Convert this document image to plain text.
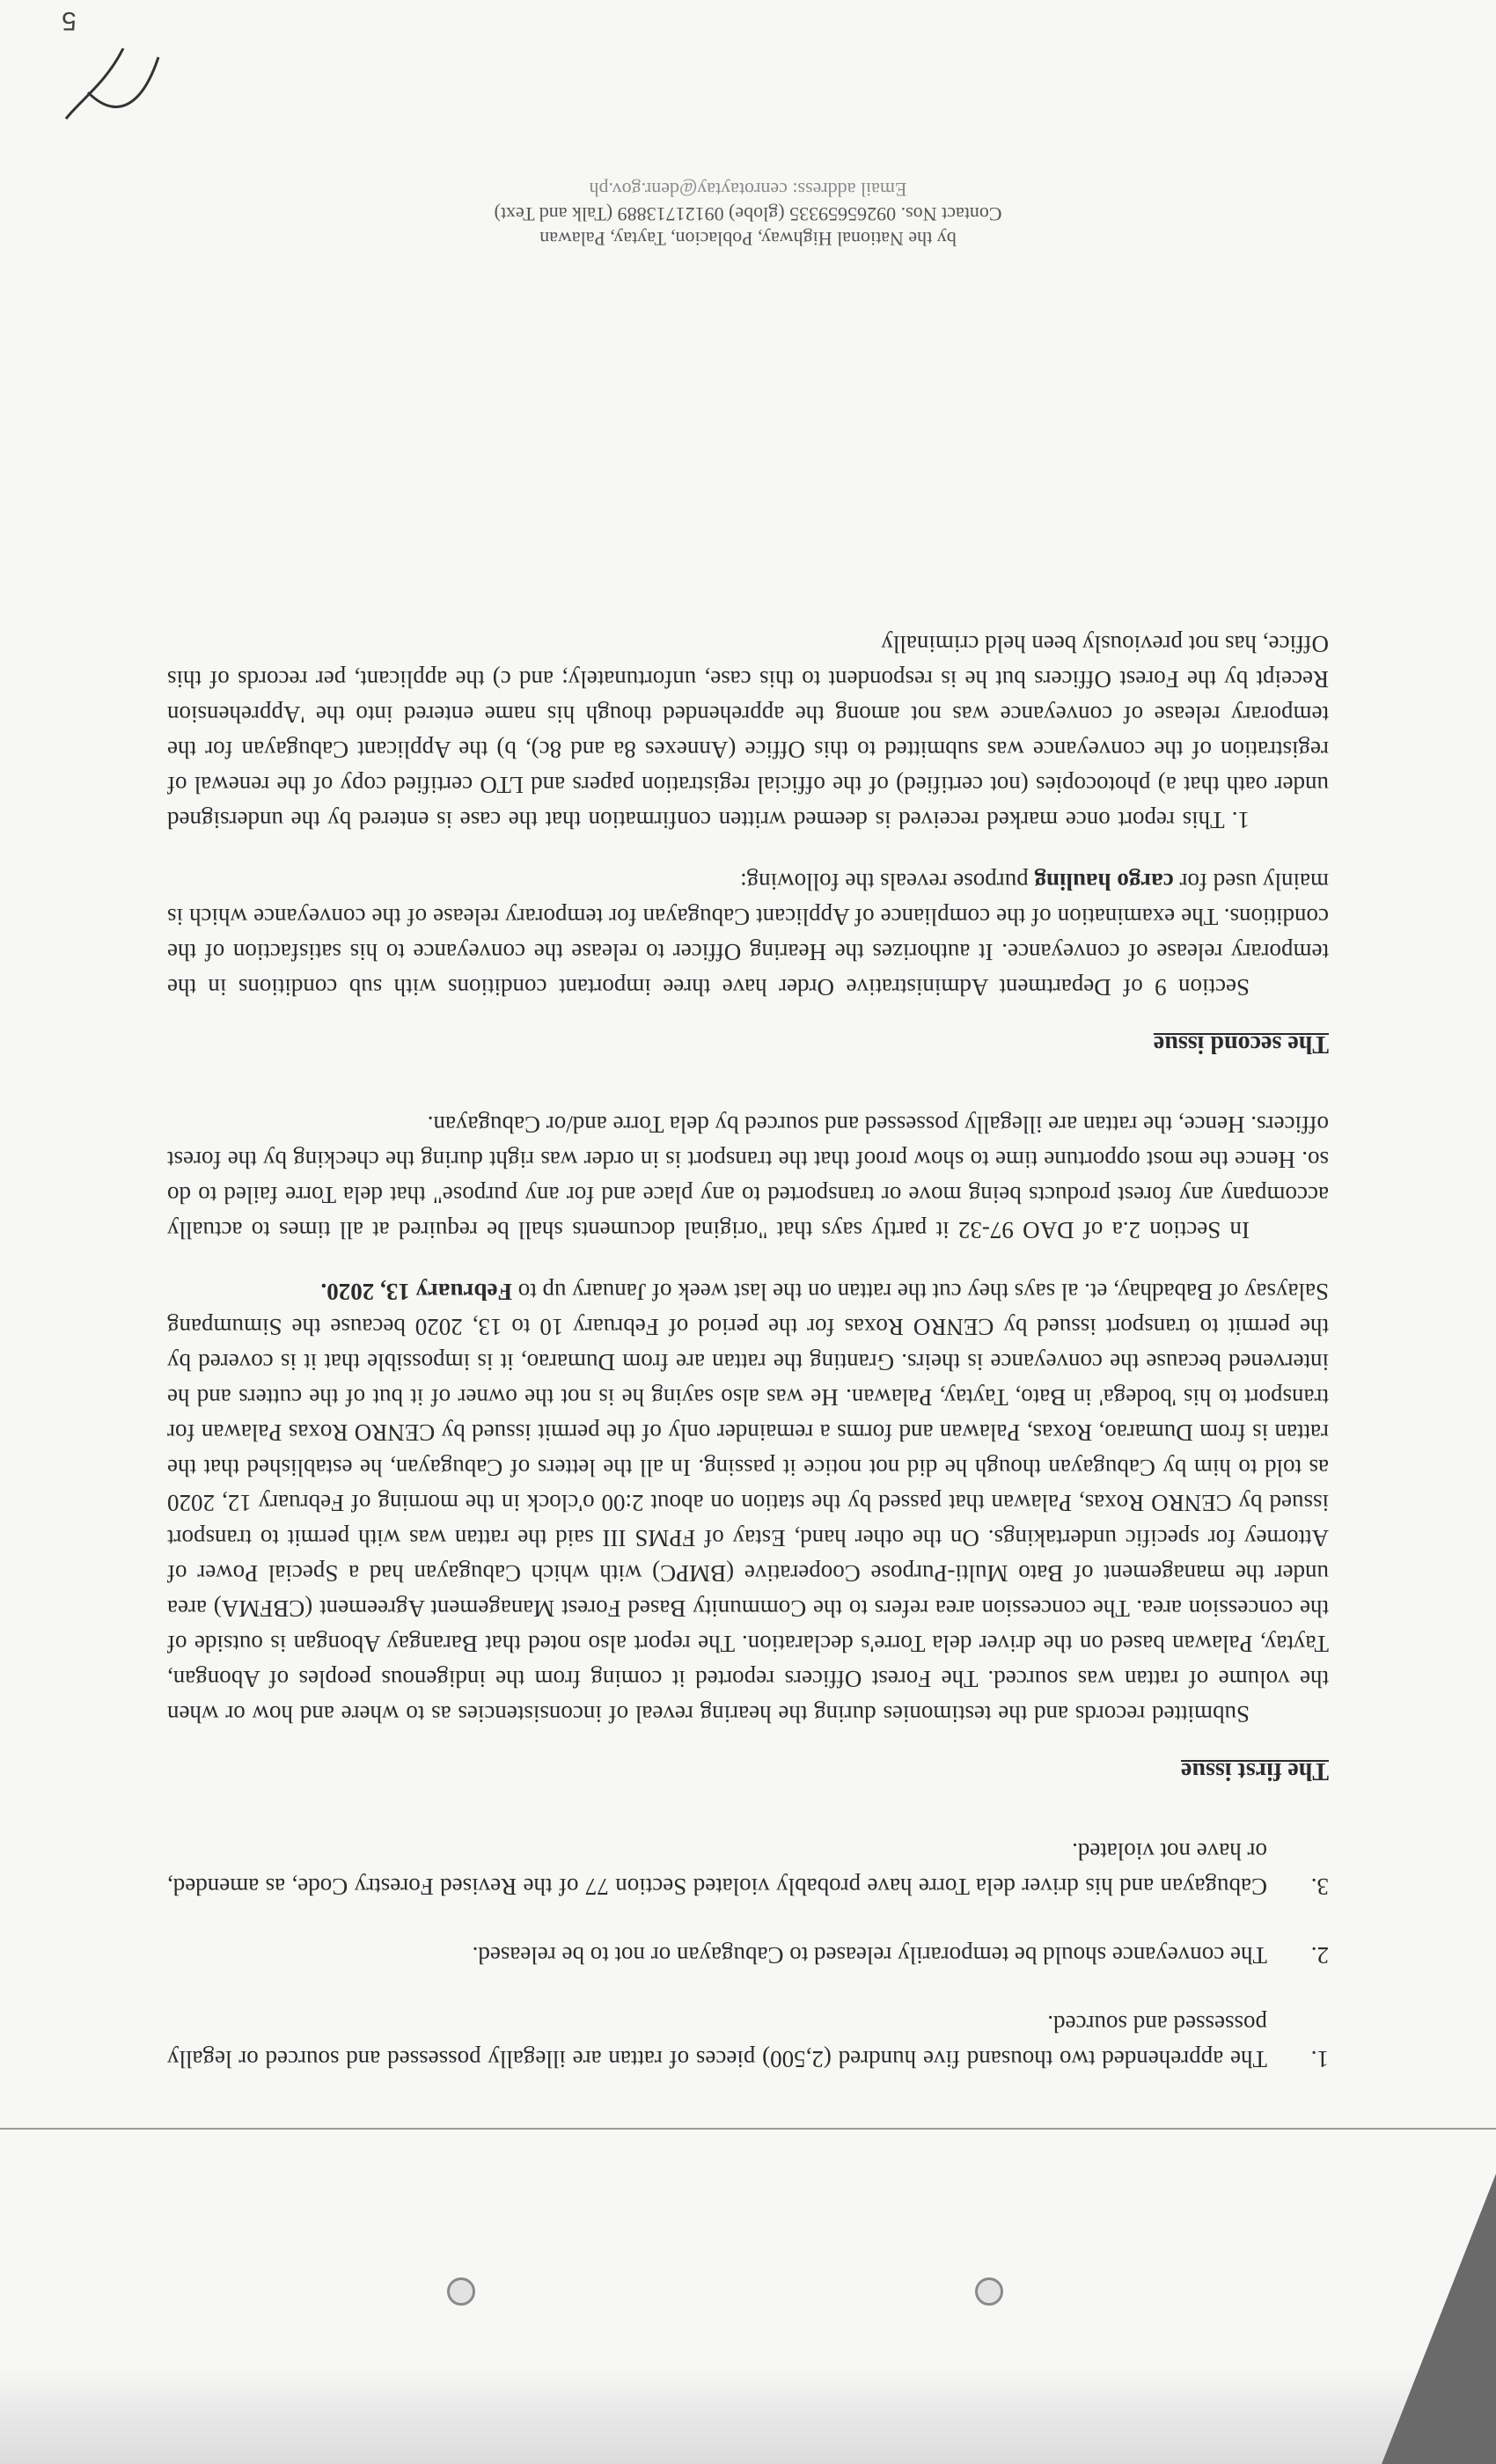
1.
The apprehended two thousand five hundred (2,500) pieces of rattan are illegally possessed and sourced or legally possessed and sourced.
2.
The conveyance should be temporarily released to Cabugayan or not to be released.
3.
Cabugayan and his driver dela Torre have probably violated Section 77 of the Revised Forestry Code, as amended, or have not violated.
The first issue

Submitted records and the testimonies during the hearing reveal of inconsistencies as to where and how or when the volume of rattan was sourced. The Forest Officers reported it coming from the indigenous peoples of Abongan, Taytay, Palawan based on the driver dela Torre's declaration. The report also noted that Barangay Abongan is outside of the concession area. The concession area refers to the Community Based Forest Management Agreement (CBFMA) area under the management of Bato Multi-Purpose Cooperative (BMPC) with which Cabugayan had a Special Power of Attorney for specific undertakings. On the other hand, Estay of FPMS III said the rattan was with permit to transport issued by CENRO Roxas, Palawan that passed by the station on about 2:00 o'clock in the morning of February 12, 2020 as told to him by Cabugayan though he did not notice it passing. In all the letters of Cabugayan, he established that the rattan is from Dumarao, Roxas, Palawan and forms a remainder only of the permit issued by CENRO Roxas Palawan for transport to his 'bodega' in Bato, Taytay, Palawan. He was also saying he is not the owner of it but of the cutters and he intervened because the conveyance is theirs. Granting the rattan are from Dumarao, it is impossible that it is covered by the permit to transport issued by CENRO Roxas for the period of February 10 to 13, 2020 because the Simumpang Salaysay of Babadhay, et. al says they cut the rattan on the last week of January up to February 13, 2020.

In Section 2.a of DAO 97-32 it partly says that "original documents shall be required at all times to actually accompany any forest products being move or transported to any place and for any purpose" that dela Torre failed to do so. Hence the most opportune time to show proof that the transport is in order was right during the checking by the forest officers. Hence, the rattan are illegally possessed and sourced by dela Torre and/or Cabugayan.

The second issue

Section 9 of Department Administrative Order have three important conditions with sub conditions in the temporary release of conveyance. It authorizes the Hearing Officer to release the conveyance to his satisfaction of the conditions. The examination of the compliance of Applicant Cabugayan for temporary release of the conveyance which is mainly used for cargo hauling purpose reveals the following:

1. This report once marked received is deemed written confirmation that the case is entered by the undersigned under oath that a) photocopies (not certified) of the official registration papers and LTO certified copy of the renewal of registration of the conveyance was submitted to this Office (Annexes 8a and 8c), b) the Applicant Cabugayan for the temporary release of conveyance was not among the apprehended though his name entered into the 'Apprehension Receipt by the Forest Officers but he is respondent to this case, unfortunately; and c) the applicant, per records of this Office, has not previously been held criminally

by the National Highway, Poblacion, Taytay, Palawan
Contact Nos. 09265659335 (globe) 09121713889 (Talk and Text)
Email address: cenrotaytay@denr.gov.ph
5
